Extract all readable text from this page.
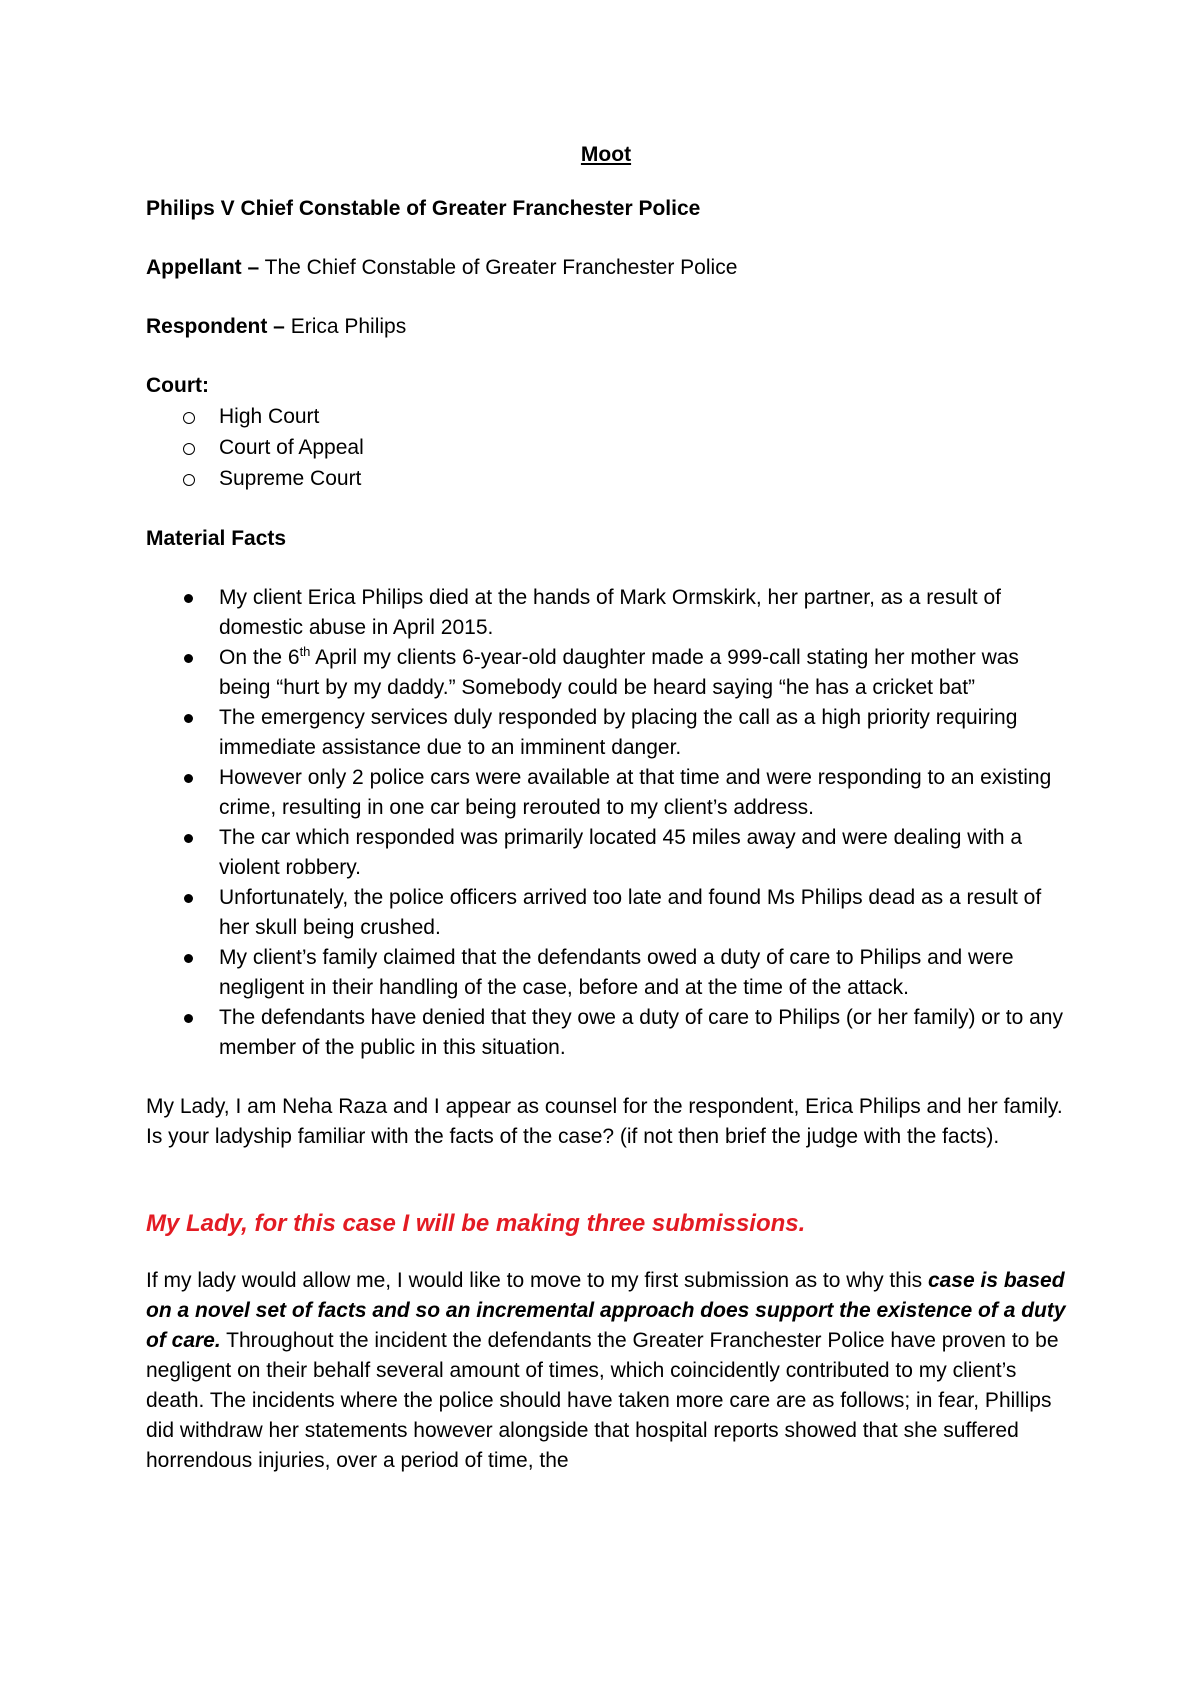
Moot
Philips V Chief Constable of Greater Franchester Police
Appellant – The Chief Constable of Greater Franchester Police
Respondent – Erica Philips
Court:
High Court
Court of Appeal
Supreme Court
Material Facts
My client Erica Philips died at the hands of Mark Ormskirk, her partner, as a result of domestic abuse in April 2015.
On the 6th April my clients 6-year-old daughter made a 999-call stating her mother was being “hurt by my daddy.” Somebody could be heard saying “he has a cricket bat”
The emergency services duly responded by placing the call as a high priority requiring immediate assistance due to an imminent danger.
However only 2 police cars were available at that time and were responding to an existing crime, resulting in one car being rerouted to my client’s address.
The car which responded was primarily located 45 miles away and were dealing with a violent robbery.
Unfortunately, the police officers arrived too late and found Ms Philips dead as a result of her skull being crushed.
My client’s family claimed that the defendants owed a duty of care to Philips and were negligent in their handling of the case, before and at the time of the attack.
The defendants have denied that they owe a duty of care to Philips (or her family) or to any member of the public in this situation.
My Lady, I am Neha Raza and I appear as counsel for the respondent, Erica Philips and her family. Is your ladyship familiar with the facts of the case? (if not then brief the judge with the facts).
My Lady, for this case I will be making three submissions.
If my lady would allow me, I would like to move to my first submission as to why this case is based on a novel set of facts and so an incremental approach does support the existence of a duty of care. Throughout the incident the defendants the Greater Franchester Police have proven to be negligent on their behalf several amount of times, which coincidently contributed to my client’s death. The incidents where the police should have taken more care are as follows; in fear, Phillips did withdraw her statements however alongside that hospital reports showed that she suffered horrendous injuries, over a period of time, the
